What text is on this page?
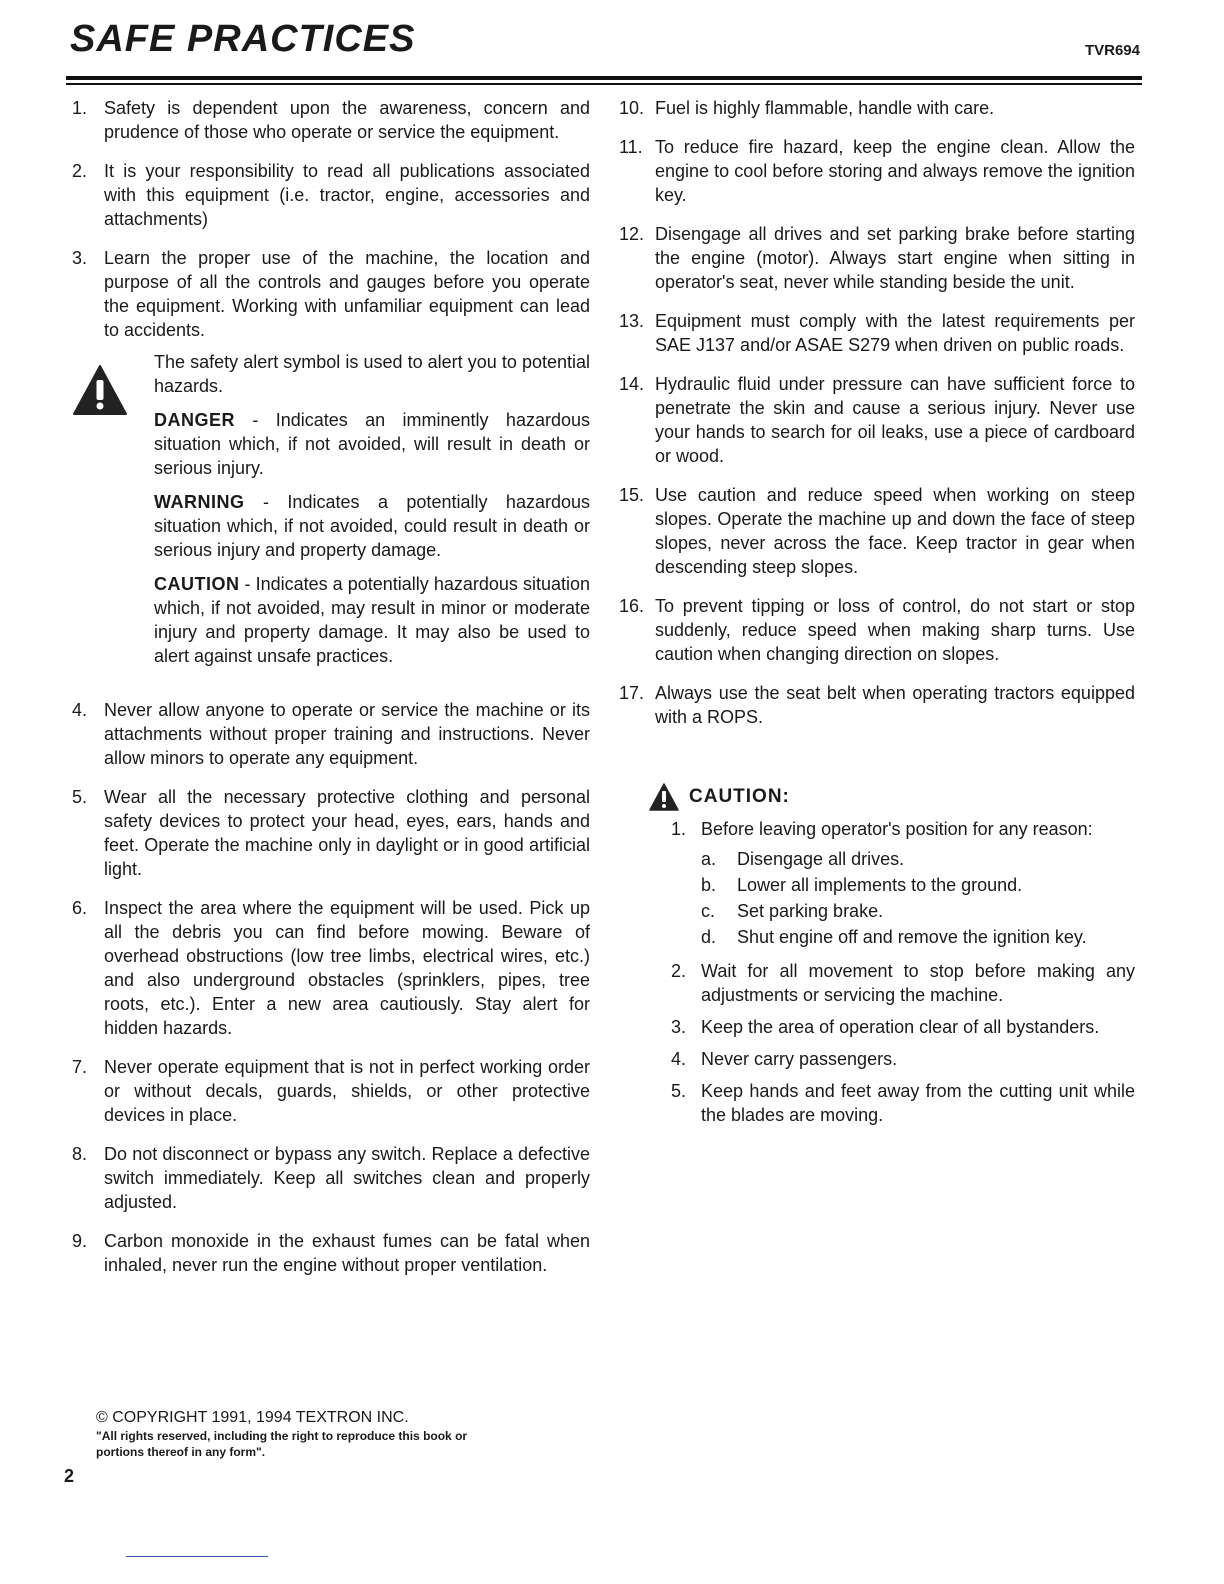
SAFE PRACTICES	TVR694
1. Safety is dependent upon the awareness, concern and prudence of those who operate or service the equipment.
2. It is your responsibility to read all publications associated with this equipment (i.e. tractor, engine, accessories and attachments)
3. Learn the proper use of the machine, the location and purpose of all the controls and gauges before you operate the equipment. Working with unfamiliar equipment can lead to accidents.

The safety alert symbol is used to alert you to potential hazards.

DANGER - Indicates an imminently hazardous situation which, if not avoided, will result in death or serious injury.

WARNING - Indicates a potentially hazardous situation which, if not avoided, could result in death or serious injury and property damage.

CAUTION - Indicates a potentially hazardous situation which, if not avoided, may result in minor or moderate injury and property damage. It may also be used to alert against unsafe practices.

4. Never allow anyone to operate or service the machine or its attachments without proper training and instructions. Never allow minors to operate any equipment.
5. Wear all the necessary protective clothing and personal safety devices to protect your head, eyes, ears, hands and feet. Operate the machine only in daylight or in good artificial light.
6. Inspect the area where the equipment will be used. Pick up all the debris you can find before mowing. Beware of overhead obstructions (low tree limbs, electrical wires, etc.) and also underground obstacles (sprinklers, pipes, tree roots, etc.). Enter a new area cautiously. Stay alert for hidden hazards.
7. Never operate equipment that is not in perfect working order or without decals, guards, shields, or other protective devices in place.
8. Do not disconnect or bypass any switch. Replace a defective switch immediately. Keep all switches clean and properly adjusted.
9. Carbon monoxide in the exhaust fumes can be fatal when inhaled, never run the engine without proper ventilation.
10. Fuel is highly flammable, handle with care.
11. To reduce fire hazard, keep the engine clean. Allow the engine to cool before storing and always remove the ignition key.
12. Disengage all drives and set parking brake before starting the engine (motor). Always start engine when sitting in operator's seat, never while standing beside the unit.
13. Equipment must comply with the latest requirements per SAE J137 and/or ASAE S279 when driven on public roads.
14. Hydraulic fluid under pressure can have sufficient force to penetrate the skin and cause a serious injury. Never use your hands to search for oil leaks, use a piece of cardboard or wood.
15. Use caution and reduce speed when working on steep slopes. Operate the machine up and down the face of steep slopes, never across the face. Keep tractor in gear when descending steep slopes.
16. To prevent tipping or loss of control, do not start or stop suddenly, reduce speed when making sharp turns. Use caution when changing direction on slopes.
17. Always use the seat belt when operating tractors equipped with a ROPS.
CAUTION:
1. Before leaving operator's position for any reason:
a.	Disengage all drives.
b.	Lower all implements to the ground.
c.	Set parking brake.
d.	Shut engine off and remove the ignition key.
2. Wait for all movement to stop before making any adjustments or servicing the machine.
3. Keep the area of operation clear of all bystanders.
4. Never carry passengers.
5. Keep hands and feet away from the cutting unit while the blades are moving.
© COPYRIGHT 1991, 1994 TEXTRON INC.
"All rights reserved, including the right to reproduce this book or portions thereof in any form".
2
